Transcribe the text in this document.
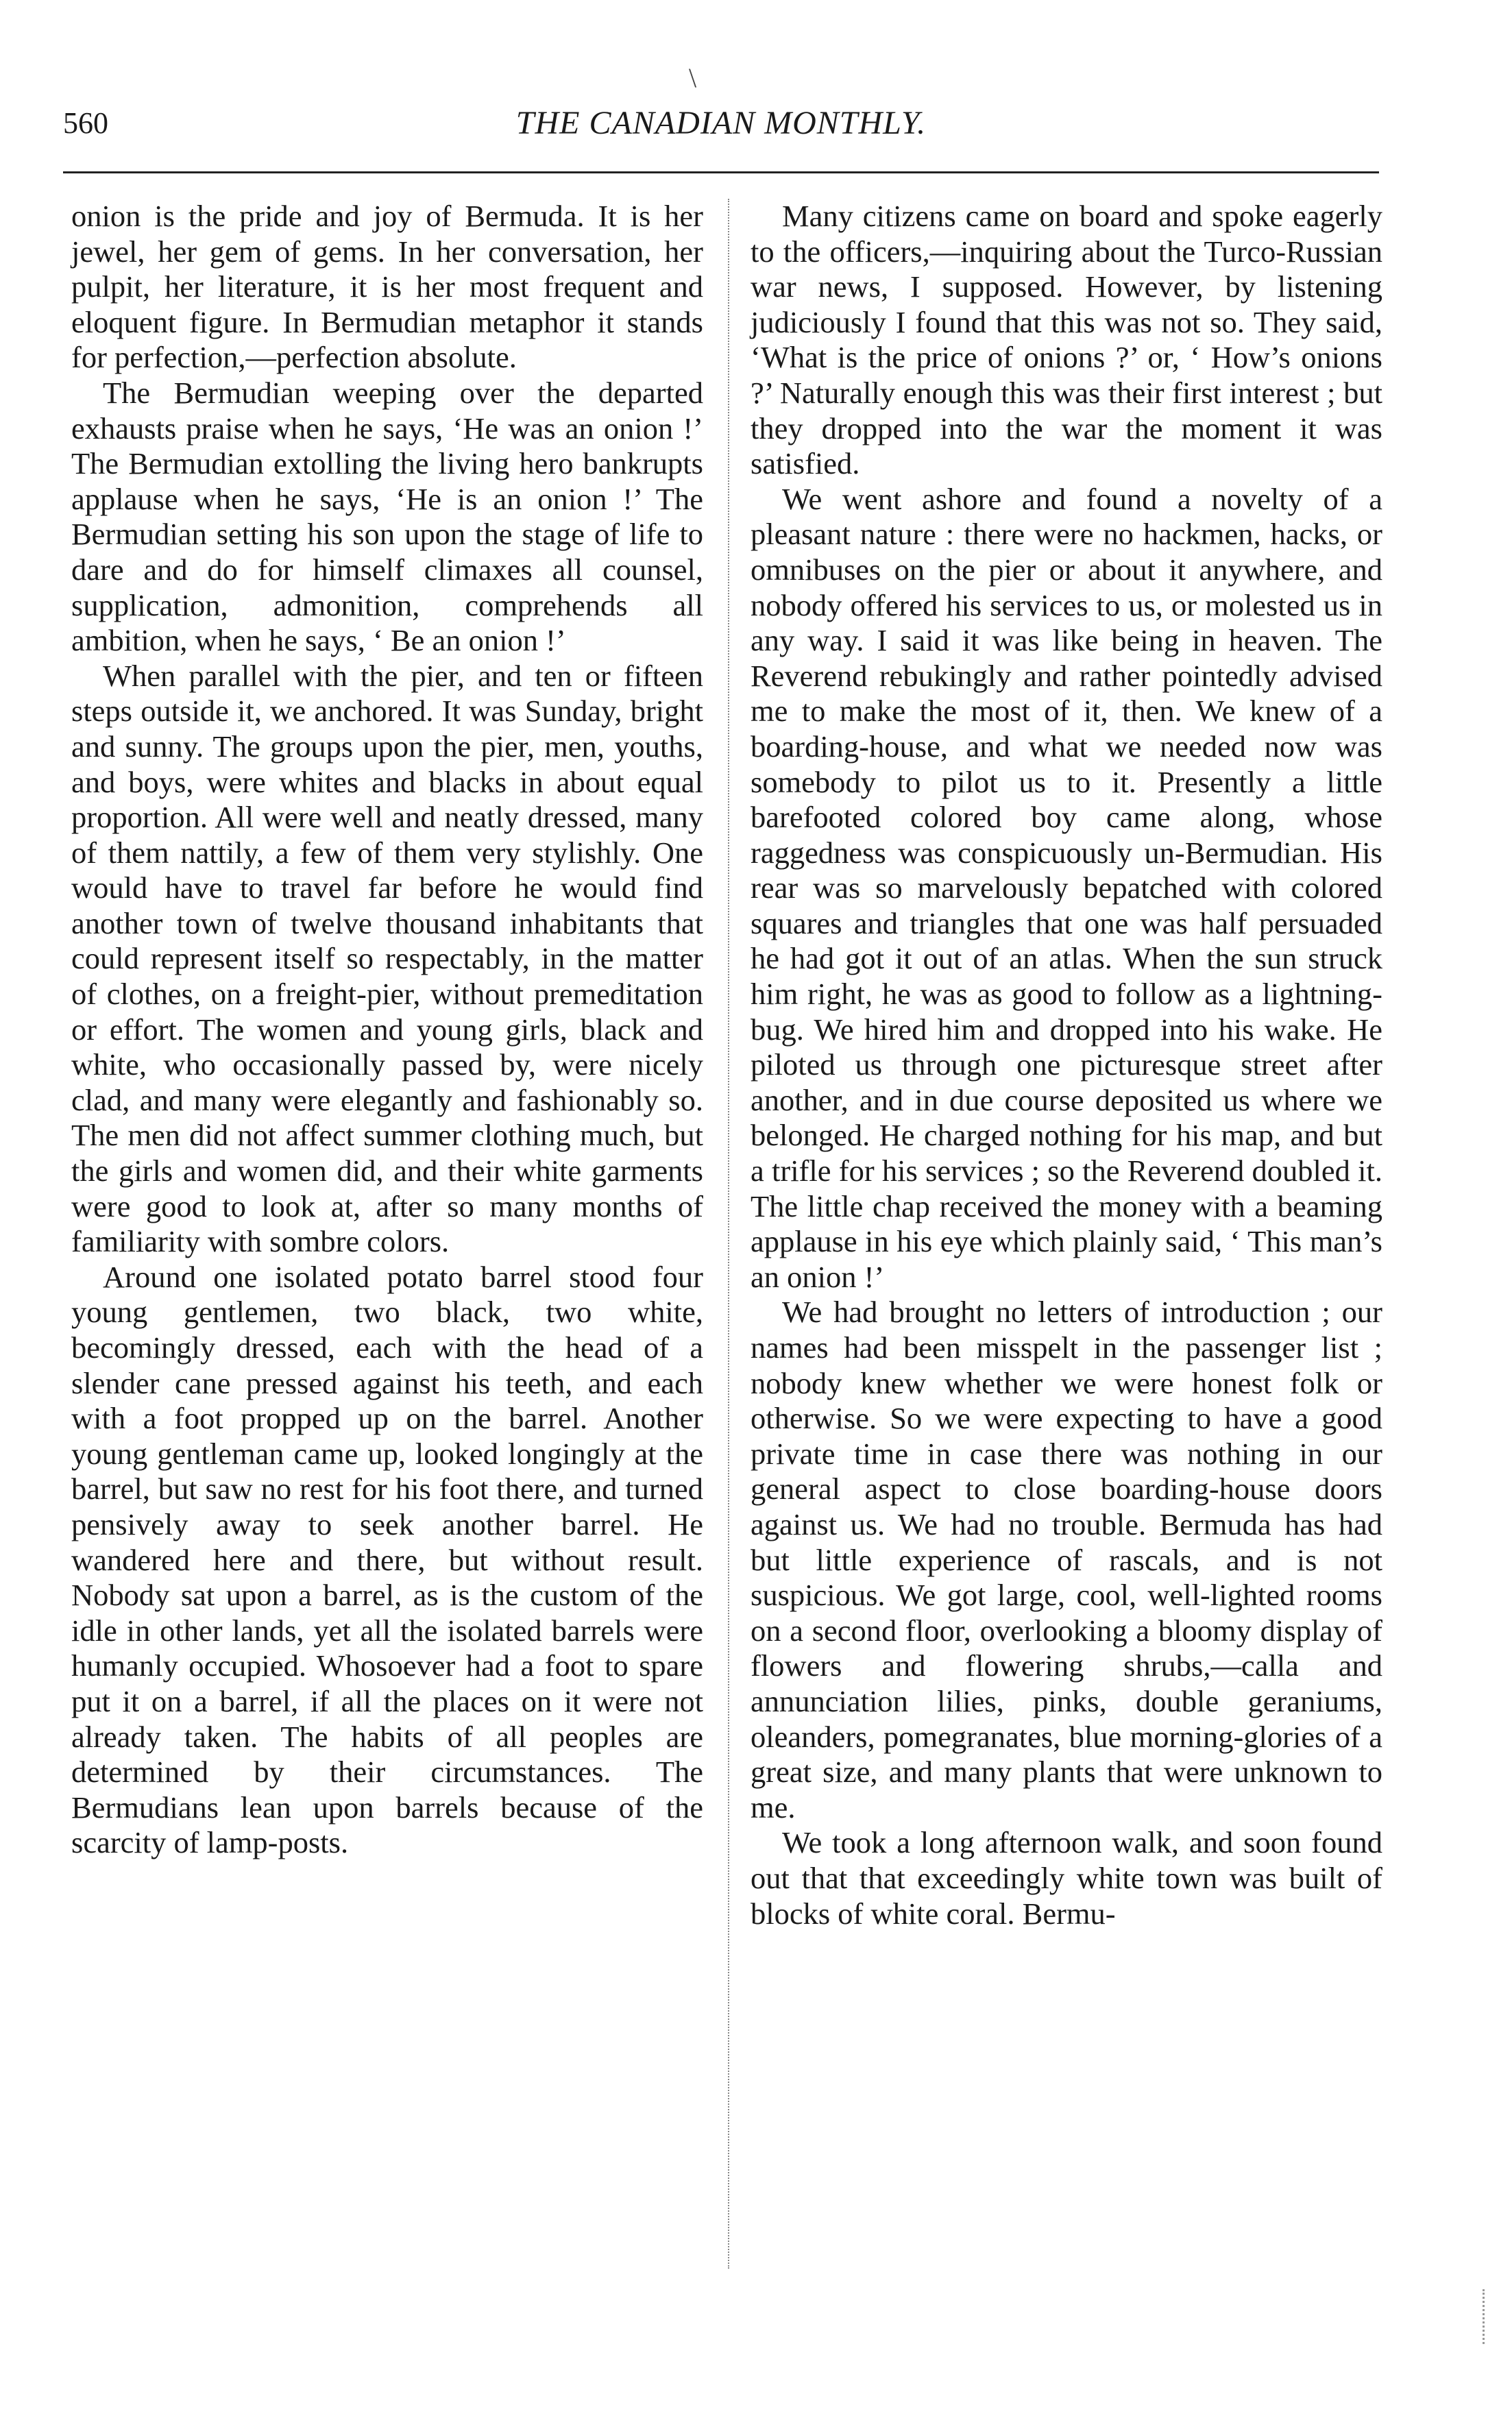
\
560	THE CANADIAN MONTHLY.

onion is the pride and joy of Bermuda. It is her jewel, her gem of gems. In her conversation, her pulpit, her literature, it is her most frequent and eloquent figure. In Bermudian metaphor it stands for perfection,—perfection absolute.

The Bermudian weeping over the departed exhausts praise when he says, ‘He was an onion !’ The Bermudian extolling the living hero bankrupts applause when he says, ‘He is an onion !’ The Bermudian setting his son upon the stage of life to dare and do for himself climaxes all counsel, supplication, admonition, comprehends all ambition, when he says, ‘ Be an onion !’

When parallel with the pier, and ten or fifteen steps outside it, we anchored. It was Sunday, bright and sunny. The groups upon the pier, men, youths, and boys, were whites and blacks in about equal proportion. All were well and neatly dressed, many of them nattily, a few of them very stylishly. One would have to travel far before he would find another town of twelve thousand inhabitants that could represent itself so respectably, in the matter of clothes, on a freight-pier, without premeditation or effort. The women and young girls, black and white, who occasionally passed by, were nicely clad, and many were elegantly and fashionably so. The men did not affect summer clothing much, but the girls and women did, and their white garments were good to look at, after so many months of familiarity with sombre colors.

Around one isolated potato barrel stood four young gentlemen, two black, two white, becomingly dressed, each with the head of a slender cane pressed against his teeth, and each with a foot propped up on the barrel. Another young gentleman came up, looked longingly at the barrel, but saw no rest for his foot there, and turned pensively away to seek another barrel. He wandered here and there, but without result. Nobody sat upon a barrel, as is the custom of the idle in other lands, yet all the isolated barrels were humanly occupied. Whosoever had a foot to spare put it on a barrel, if all the places on it were not already taken. The habits of all peoples are determined by their circumstances. The Bermudians lean upon barrels because of the scarcity of lamp-posts.

Many citizens came on board and spoke eagerly to the officers,—inquiring about the Turco-Russian war news, I supposed. However, by listening judiciously I found that this was not so. They said, ‘What is the price of onions ?’ or, ‘ How’s onions ?’ Naturally enough this was their first interest ; but they dropped into the war the moment it was satisfied.

We went ashore and found a novelty of a pleasant nature : there were no hackmen, hacks, or omnibuses on the pier or about it anywhere, and nobody offered his services to us, or molested us in any way. I said it was like being in heaven. The Reverend rebukingly and rather pointedly advised me to make the most of it, then. We knew of a boarding-house, and what we needed now was somebody to pilot us to it. Presently a little barefooted colored boy came along, whose raggedness was conspicuously un-Bermudian. His rear was so marvelously bepatched with colored squares and triangles that one was half persuaded he had got it out of an atlas. When the sun struck him right, he was as good to follow as a lightning-bug. We hired him and dropped into his wake. He piloted us through one picturesque street after another, and in due course deposited us where we belonged. He charged nothing for his map, and but a trifle for his services ; so the Reverend doubled it. The little chap received the money with a beaming applause in his eye which plainly said, ‘ This man’s an onion !’

We had brought no letters of introduction ; our names had been misspelt in the passenger list ; nobody knew whether we were honest folk or otherwise. So we were expecting to have a good private time in case there was nothing in our general aspect to close boarding-house doors against us. We had no trouble. Bermuda has had but little experience of rascals, and is not suspicious. We got large, cool, well-lighted rooms on a second floor, overlooking a bloomy display of flowers and flowering shrubs,—calla and annunciation lilies, pinks, double geraniums, oleanders, pomegranates, blue morning-glories of a great size, and many plants that were unknown to me.

We took a long afternoon walk, and soon found out that that exceedingly white town was built of blocks of white coral. Bermu-
